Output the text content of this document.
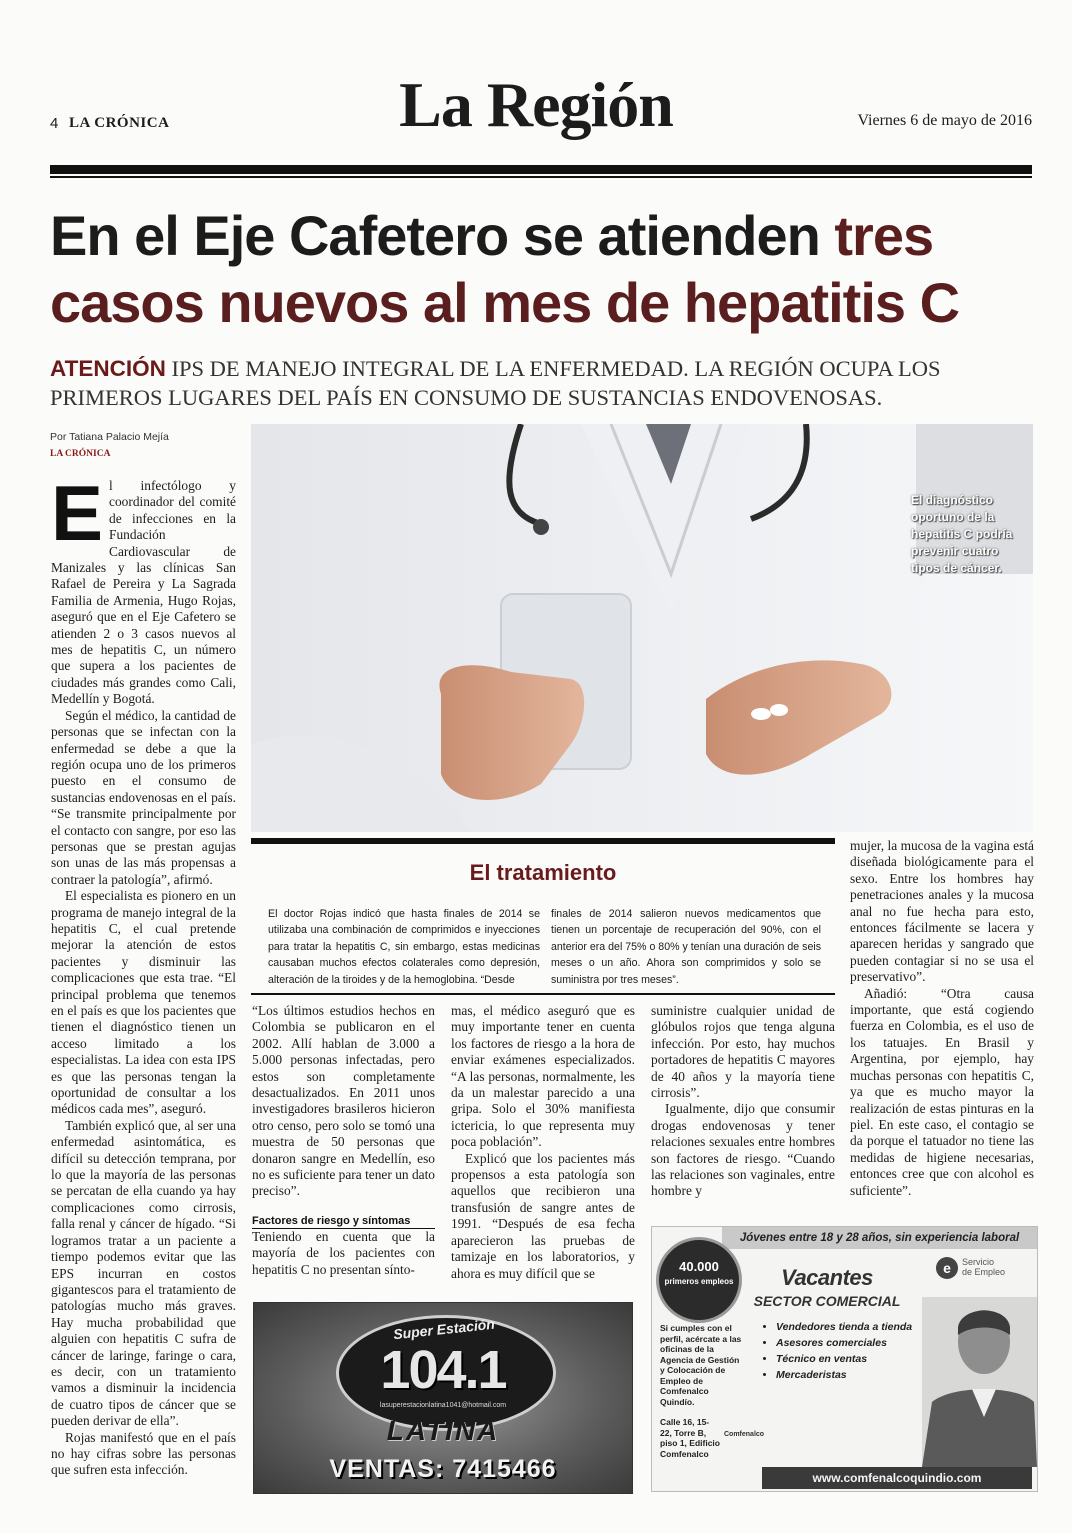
4 LA CRÓNICA	La Región	Viernes 6 de mayo de 2016
En el Eje Cafetero se atienden tres
casos nuevos al mes de hepatitis C
ATENCIÓN IPS DE MANEJO INTEGRAL DE LA ENFERMEDAD. LA REGIÓN OCUPA LOS PRIMEROS LUGARES DEL PAÍS EN CONSUMO DE SUSTANCIAS ENDOVENOSAS.
Por Tatiana Palacio Mejía
LA CRÓNICA
El diagnóstico oportuno de la hepatitis C podría prevenir cuatro tipos de cáncer.

El infectólogo y coordinador del comité de infecciones en la Fundación Cardiovascular de Manizales y las clínicas San Rafael de Pereira y La Sagrada Familia de Armenia, Hugo Rojas, aseguró que en el Eje Cafetero se atienden 2 o 3 casos nuevos al mes de hepatitis C, un número que supera a los pacientes de ciudades más grandes como Cali, Medellín y Bogotá.

Según el médico, la cantidad de personas que se infectan con la enfermedad se debe a que la región ocupa uno de los primeros puesto en el consumo de sustancias endovenosas en el país. “Se transmite principalmente por el contacto con sangre, por eso las personas que se prestan agujas son unas de las más propensas a contraer la patología”, afirmó.

El especialista es pionero en un programa de manejo integral de la hepatitis C, el cual pretende mejorar la atención de estos pacientes y disminuir las complicaciones que esta trae. “El principal problema que tenemos en el país es que los pacientes que tienen el diagnóstico tienen un acceso limitado a los especialistas. La idea con esta IPS es que las personas tengan la oportunidad de consultar a los médicos cada mes”, aseguró.

También explicó que, al ser una enfermedad asintomática, es difícil su detección temprana, por lo que la mayoría de las personas se percatan de ella cuando ya hay complicaciones como cirrosis, falla renal y cáncer de hígado. “Si logramos tratar a un paciente a tiempo podemos evitar que las EPS incurran en costos gigantescos para el tratamiento de patologías mucho más graves. Hay mucha probabilidad que alguien con hepatitis C sufra de cáncer de laringe, faringe o cara, es decir, con un tratamiento vamos a disminuir la incidencia de cuatro tipos de cáncer que se pueden derivar de ella”.

Rojas manifestó que en el país no hay cifras sobre las personas que sufren esta infección.

El tratamiento
El doctor Rojas indicó que hasta finales de 2014 se utilizaba una combinación de comprimidos e inyecciones para tratar la hepatitis C, sin embargo, estas medicinas causaban muchos efectos colaterales como depresión, alteración de la tiroides y de la hemoglobina. “Desde
finales de 2014 salieron nuevos medicamentos que tienen un porcentaje de recuperación del 90%, con el anterior era del 75% o 80% y tenían una duración de seis meses o un año. Ahora son comprimidos y solo se suministra por tres meses”.

“Los últimos estudios hechos en Colombia se publicaron en el 2002. Allí hablan de 3.000 a 5.000 personas infectadas, pero estos son completamente desactualizados. En 2011 unos investigadores brasileros hicieron otro censo, pero solo se tomó una muestra de 50 personas que donaron sangre en Medellín, eso no es suficiente para tener un dato preciso”.

Factores de riesgo y síntomas

Teniendo en cuenta que la mayoría de los pacientes con hepatitis C no presentan sínto-

mas, el médico aseguró que es muy importante tener en cuenta los factores de riesgo a la hora de enviar exámenes especializados. “A las personas, normalmente, les da un malestar parecido a una gripa. Solo el 30% manifiesta ictericia, lo que representa muy poca población”.

Explicó que los pacientes más propensos a esta patología son aquellos que recibieron una transfusión de sangre antes de 1991. “Después de esa fecha aparecieron las pruebas de tamizaje en los laboratorios, y ahora es muy difícil que se

suministre cualquier unidad de glóbulos rojos que tenga alguna infección. Por esto, hay muchos portadores de hepatitis C mayores de 40 años y la mayoría tiene cirrosis”.

Igualmente, dijo que consumir drogas endovenosas y tener relaciones sexuales entre hombres son factores de riesgo. “Cuando las relaciones son vaginales, entre hombre y

mujer, la mucosa de la vagina está diseñada biológicamente para el sexo. Entre los hombres hay penetraciones anales y la mucosa anal no fue hecha para esto, entonces fácilmente se lacera y aparecen heridas y sangrado que pueden contagiar si no se usa el preservativo”.

Añadió: “Otra causa importante, que está cogiendo fuerza en Colombia, es el uso de los tatuajes. En Brasil y Argentina, por ejemplo, hay muchas personas con hepatitis C, ya que es mucho mayor la realización de estas pinturas en la piel. En este caso, el contagio se da porque el tatuador no tiene las medidas de higiene necesarias, entonces cree que con alcohol es suficiente”.

Super Estación
104.1
lasuperestacionlatina1041@hotmail.com
LATINA
VENTAS: 7415466
Jóvenes entre 18 y 28 años, sin experiencia laboral
40.000
primeros empleos	Vacantes
SECTOR COMERCIAL
e	Servicio
de Empleo
• Vendedores tienda a tienda
• Asesores comerciales
• Técnico en ventas
• Mercaderistas
Si cumples con el perfil, acércate a las oficinas de la Agencia de Gestión y Colocación de Empleo de Comfenalco Quindío.
Calle 16, 15-22, Torre B, piso 1, Edificio Comfenalco
Comfenalco
www.comfenalcoquindio.com
